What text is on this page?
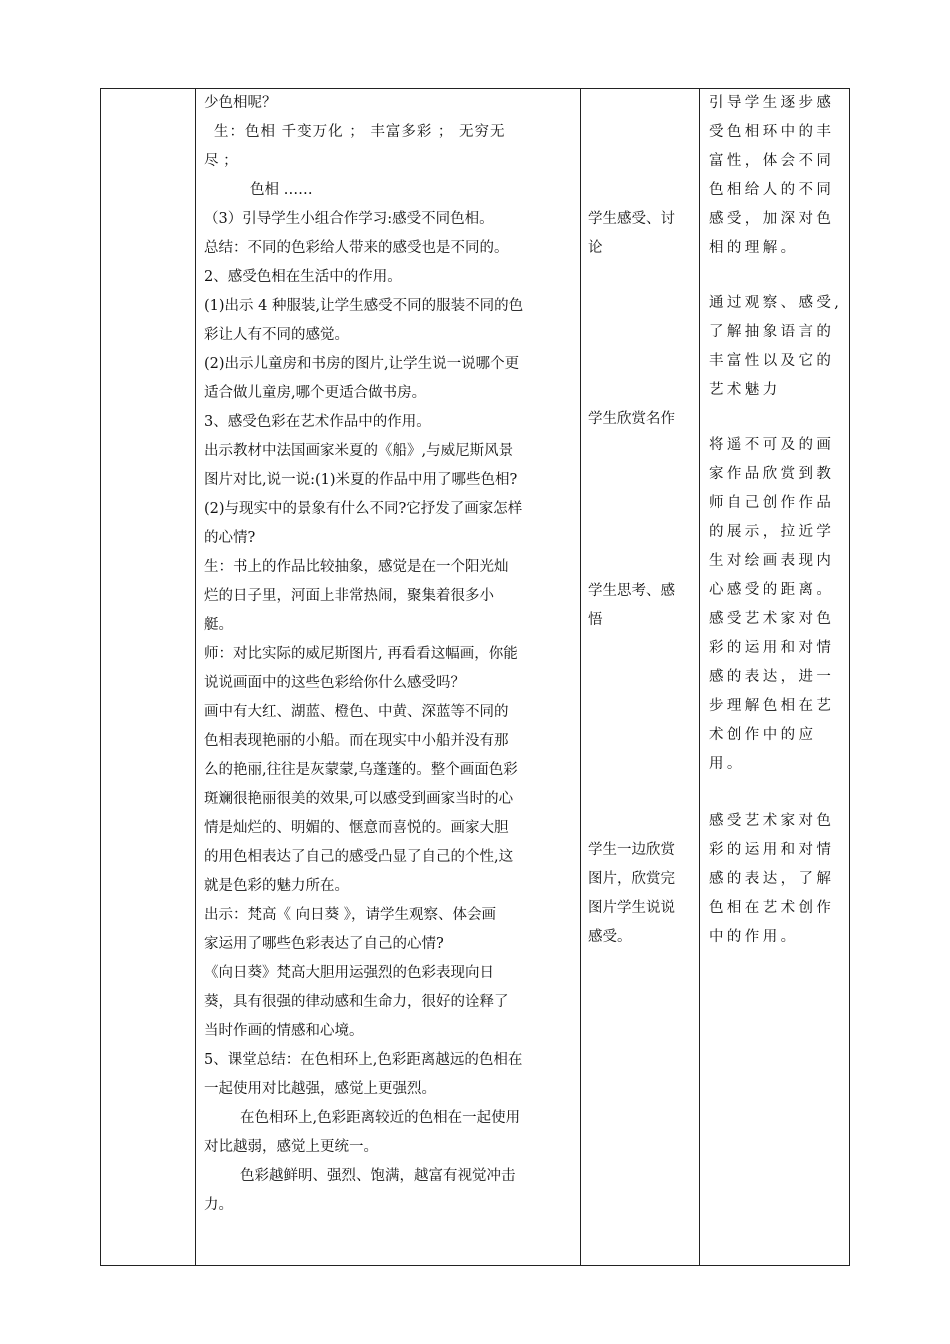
少色相呢？
生：色相 千变万化 ； 丰富多彩 ； 无穷无
尽 ；
色相 ……
（3）引导学生小组合作学习:感受不同色相。
总结：不同的色彩给人带来的感受也是不同的。
2、感受色相在生活中的作用。
(1)出示 4 种服装,让学生感受不同的服装不同的色
彩让人有不同的感觉。
(2)出示儿童房和书房的图片,让学生说一说哪个更
适合做儿童房,哪个更适合做书房。
3、感受色彩在艺术作品中的作用。
出示教材中法国画家米夏的《船》,与威尼斯风景
图片对比,说一说:(1)米夏的作品中用了哪些色相?
(2)与现实中的景象有什么不同?它抒发了画家怎样
的心情?
生：书上的作品比较抽象，感觉是在一个阳光灿
烂的日子里，河面上非常热闹，聚集着很多小
艇。
师：对比实际的威尼斯图片, 再看看这幅画，你能
说说画面中的这些色彩给你什么感受吗？
画中有大红、湖蓝、橙色、中黄、深蓝等不同的
色相表现艳丽的小船。而在现实中小船并没有那
么的艳丽,往往是灰蒙蒙,乌蓬蓬的。整个画面色彩
斑斓很艳丽很美的效果,可以感受到画家当时的心
情是灿烂的、明媚的、惬意而喜悦的。画家大胆
的用色相表达了自己的感受凸显了自己的个性,这
就是色彩的魅力所在。
出示：梵高《 向日葵 》，请学生观察、体会画
家运用了哪些色彩表达了自己的心情?
《向日葵》梵高大胆用运强烈的色彩表现向日
葵，具有很强的律动感和生命力，很好的诠释了
当时作画的情感和心境。
5、课堂总结：在色相环上,色彩距离越远的色相在
一起使用对比越强，感觉上更强烈。
在色相环上,色彩距离较近的色相在一起使用
对比越弱，感觉上更统一。
色彩越鲜明、强烈、饱满，越富有视觉冲击
力。
学生感受、讨
论
学生欣赏名作
学生思考、感
悟
学生一边欣赏
图片，欣赏完
图片学生说说
感受。
引导学生逐步感
受色相环中的丰
富性，体会不同
色相给人的不同
感受，加深对色
相的理解。
通过观察、感受,
了解抽象语言的
丰富性以及它的
艺术魅力
将遥不可及的画
家作品欣赏到教
师自己创作作品
的展示，拉近学
生对绘画表现内
心感受的距离。
感受艺术家对色
彩的运用和对情
感的表达，进一
步理解色相在艺
术创作中的应
用。
感受艺术家对色
彩的运用和对情
感的表达，了解
色相在艺术创作
中的作用。
